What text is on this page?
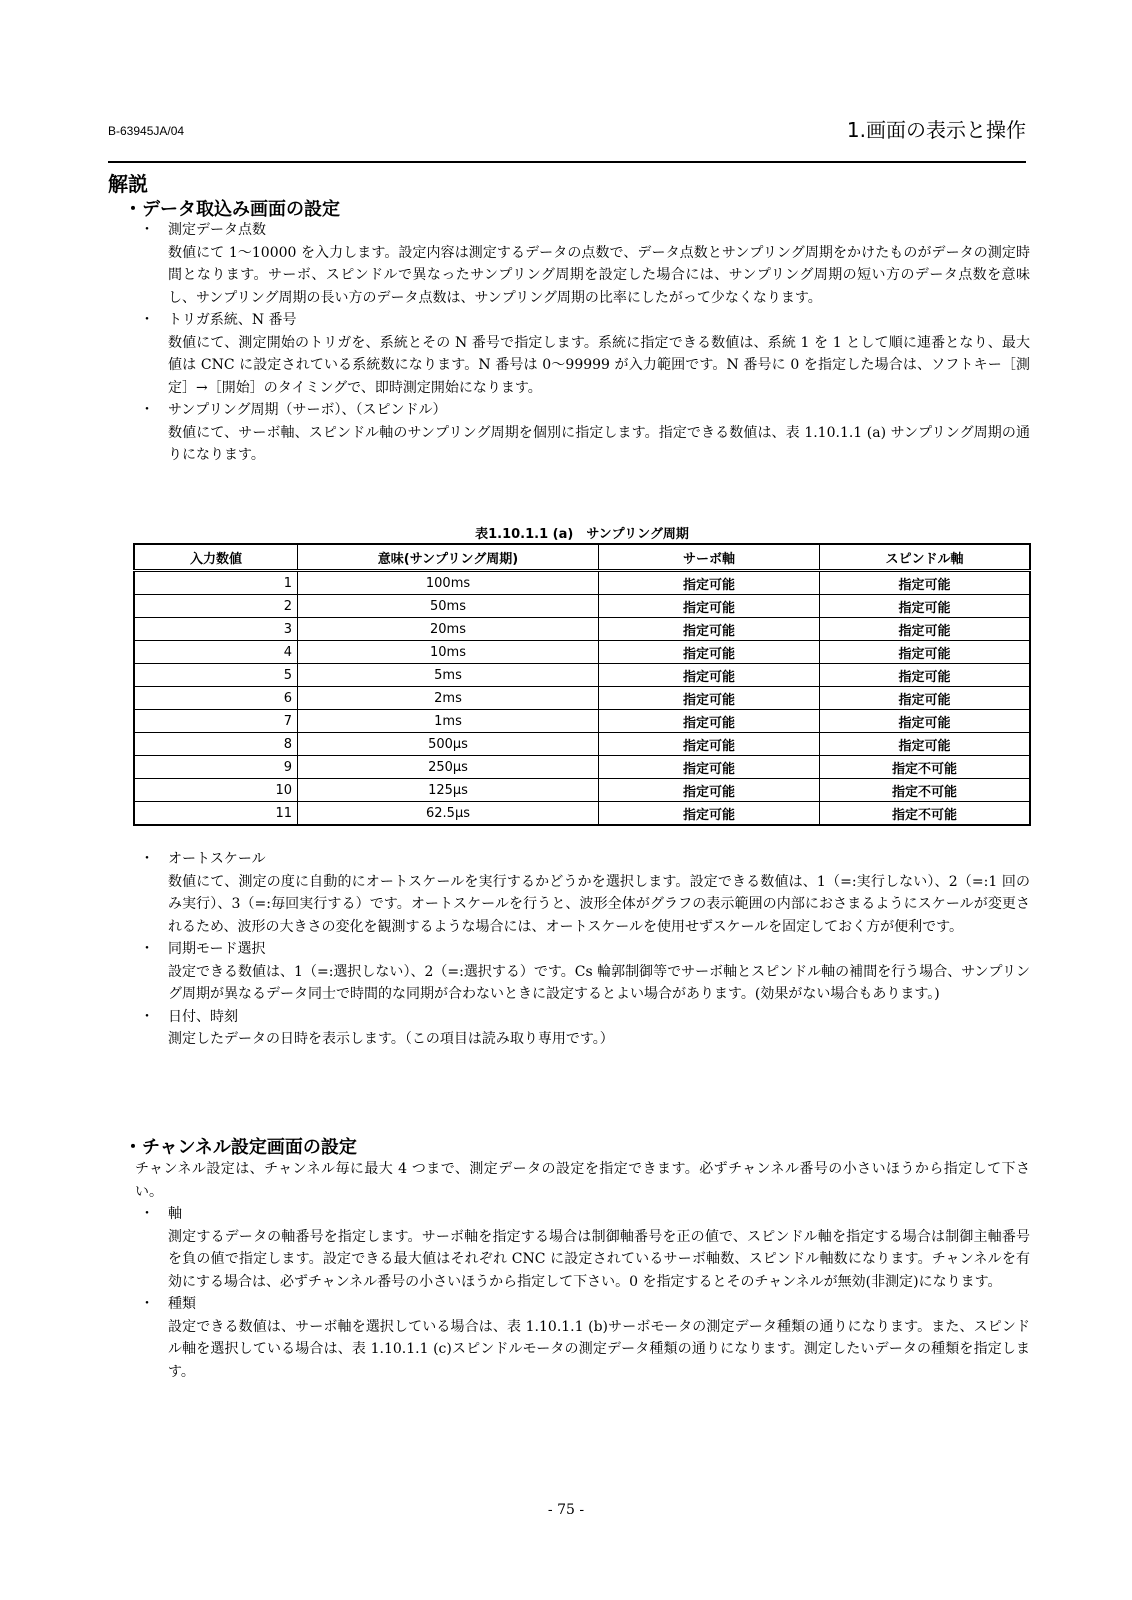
B-63945JA/04	1.画面の表示と操作
解説
・データ取込み画面の設定
・	測定データ点数
数値にて 1～10000 を入力します。設定内容は測定するデータの点数で、データ点数とサンプリング周期をかけたものがデータの測定時間となります。サーボ、スピンドルで異なったサンプリング周期を設定した場合には、サンプリング周期の短い方のデータ点数を意味し、サンプリング周期の長い方のデータ点数は、サンプリング周期の比率にしたがって少なくなります。
・	トリガ系統、N 番号
数値にて、測定開始のトリガを、系統とその N 番号で指定します。系統に指定できる数値は、系統 1 を 1 として順に連番となり、最大値は CNC に設定されている系統数になります。N 番号は 0～99999 が入力範囲です。N 番号に 0 を指定した場合は、ソフトキー［測定］→［開始］のタイミングで、即時測定開始になります。
・	サンプリング周期（サーボ）、（スピンドル）
数値にて、サーボ軸、スピンドル軸のサンプリング周期を個別に指定します。指定できる数値は、表 1.10.1.1 (a) サンプリング周期の通りになります。
表1.10.1.1 (a)　サンプリング周期
入力数値	意味(サンプリング周期)	サーボ軸	スピンドル軸
1	100ms	指定可能	指定可能
2	50ms	指定可能	指定可能
3	20ms	指定可能	指定可能
4	10ms	指定可能	指定可能
5	5ms	指定可能	指定可能
6	2ms	指定可能	指定可能
7	1ms	指定可能	指定可能
8	500μs	指定可能	指定可能
9	250μs	指定可能	指定不可能
10	125μs	指定可能	指定不可能
11	62.5μs	指定可能	指定不可能
・	オートスケール
数値にて、測定の度に自動的にオートスケールを実行するかどうかを選択します。設定できる数値は、1（=:実行しない）、2（=:1 回のみ実行）、3（=:毎回実行する）です。オートスケールを行うと、波形全体がグラフの表示範囲の内部におさまるようにスケールが変更されるため、波形の大きさの変化を観測するような場合には、オートスケールを使用せずスケールを固定しておく方が便利です。
・	同期モード選択
設定できる数値は、1（=:選択しない）、2（=:選択する）です。Cs 輪郭制御等でサーボ軸とスピンドル軸の補間を行う場合、サンプリング周期が異なるデータ同士で時間的な同期が合わないときに設定するとよい場合があります。(効果がない場合もあります。)
・	日付、時刻
測定したデータの日時を表示します。（この項目は読み取り専用です。）
・チャンネル設定画面の設定
チャンネル設定は、チャンネル毎に最大 4 つまで、測定データの設定を指定できます。必ずチャンネル番号の小さいほうから指定して下さい。
・	軸
測定するデータの軸番号を指定します。サーボ軸を指定する場合は制御軸番号を正の値で、スピンドル軸を指定する場合は制御主軸番号を負の値で指定します。設定できる最大値はそれぞれ CNC に設定されているサーボ軸数、スピンドル軸数になります。チャンネルを有効にする場合は、必ずチャンネル番号の小さいほうから指定して下さい。0 を指定するとそのチャンネルが無効(非測定)になります。
・	種類
設定できる数値は、サーボ軸を選択している場合は、表 1.10.1.1 (b)サーボモータの測定データ種類の通りになります。また、スピンドル軸を選択している場合は、表 1.10.1.1 (c)スピンドルモータの測定データ種類の通りになります。測定したいデータの種類を指定します。
- 75 -
